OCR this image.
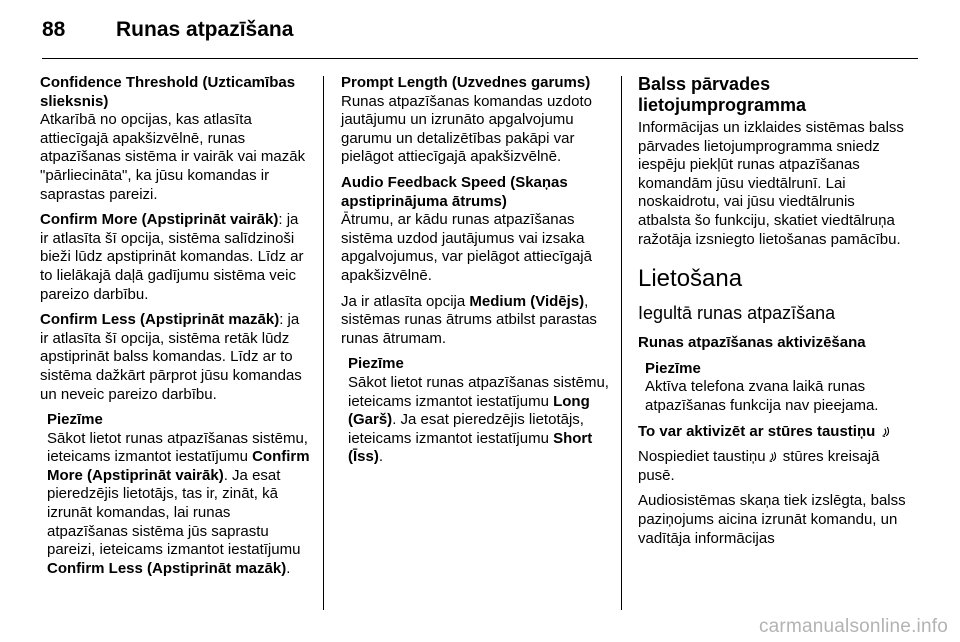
88	Runas atpazīšana

Confidence Threshold (Uzticamības slieksnis)
Atkarībā no opcijas, kas atlasīta attiecīgajā apakšizvēlnē, runas atpazīšanas sistēma ir vairāk vai mazāk "pārliecināta", ka jūsu komandas ir saprastas pareizi.

Confirm More (Apstiprināt vairāk): ja ir atlasīta šī opcija, sistēma salīdzinoši bieži lūdz apstiprināt komandas. Līdz ar to lielākajā daļā gadījumu sistēma veic pareizo darbību.

Confirm Less (Apstiprināt mazāk): ja ir atlasīta šī opcija, sistēma retāk lūdz apstiprināt balss komandas. Līdz ar to sistēma dažkārt pārprot jūsu komandas un neveic pareizo darbību.

Piezīme
Sākot lietot runas atpazīšanas sistēmu, ieteicams izmantot iestatījumu Confirm More (Apstiprināt vairāk). Ja esat pieredzējis lietotājs, tas ir, zināt, kā izrunāt komandas, lai runas atpazīšanas sistēma jūs saprastu pareizi, ieteicams izmantot iestatījumu Confirm Less (Apstiprināt mazāk).

Prompt Length (Uzvednes garums)
Runas atpazīšanas komandas uzdoto jautājumu un izrunāto apgalvojumu garumu un detalizētības pakāpi var pielāgot attiecīgajā apakšizvēlnē.

Audio Feedback Speed (Skaņas apstiprinājuma ātrums)
Ātrumu, ar kādu runas atpazīšanas sistēma uzdod jautājumus vai izsaka apgalvojumus, var pielāgot attiecīgajā apakšizvēlnē.

Ja ir atlasīta opcija Medium (Vidējs), sistēmas runas ātrums atbilst parastas runas ātrumam.

Piezīme
Sākot lietot runas atpazīšanas sistēmu, ieteicams izmantot iestatījumu Long (Garš). Ja esat pieredzējis lietotājs, ieteicams izmantot iestatījumu Short (Īss).
Balss pārvades lietojumprogramma

Informācijas un izklaides sistēmas balss pārvades lietojumprogramma sniedz iespēju piekļūt runas atpazīšanas komandām jūsu viedtālrunī. Lai noskaidrotu, vai jūsu viedtālrunis atbalsta šo funkciju, skatiet viedtālruņa ražotāja izsniegto lietošanas pamācību.

Lietošana
Iegultā runas atpazīšana

Runas atpazīšanas aktivizēšana

Piezīme
Aktīva telefona zvana laikā runas atpazīšanas funkcija nav pieejama.

To var aktivizēt ar stūres taustiņu

Nospiediet taustiņu stūres kreisajā pusē.

Audiosistēmas skaņa tiek izslēgta, balss paziņojums aicina izrunāt komandu, un vadītāja informācijas

carmanualsonline.info
